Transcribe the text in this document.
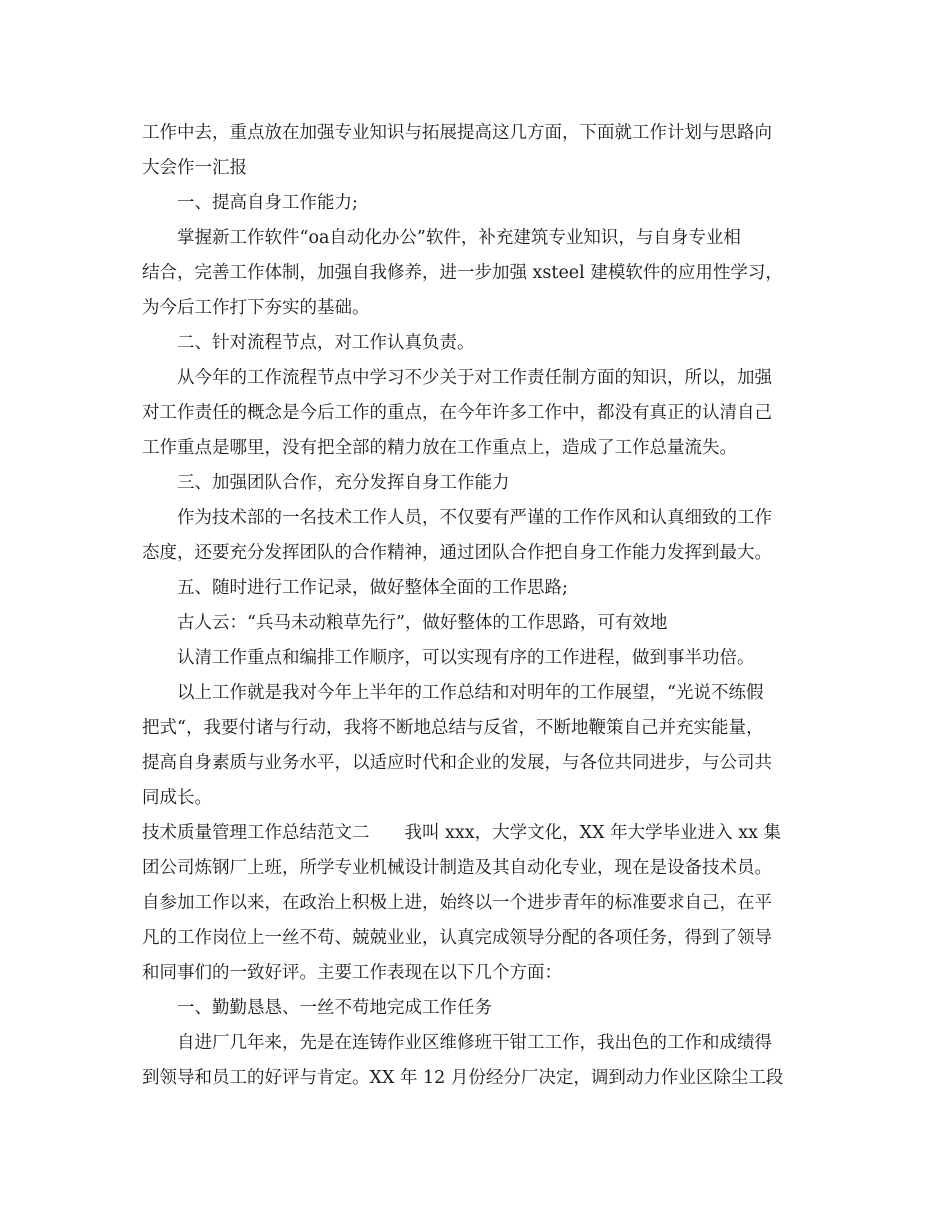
工作中去，重点放在加强专业知识与拓展提高这几方面，下面就工作计划与思路向
大会作一汇报
一、提高自身工作能力;
掌握新工作软件“oa自动化办公”软件，补充建筑专业知识，与自身专业相
结合，完善工作体制，加强自我修养，进一步加强 xsteel 建模软件的应用性学习，
为今后工作打下夯实的基础。
二、针对流程节点，对工作认真负责。
从今年的工作流程节点中学习不少关于对工作责任制方面的知识，所以，加强
对工作责任的概念是今后工作的重点，在今年许多工作中，都没有真正的认清自己
工作重点是哪里，没有把全部的精力放在工作重点上，造成了工作总量流失。
三、加强团队合作，充分发挥自身工作能力
作为技术部的一名技术工作人员，不仅要有严谨的工作作风和认真细致的工作
态度，还要充分发挥团队的合作精神，通过团队合作把自身工作能力发挥到最大。
五、随时进行工作记录，做好整体全面的工作思路;
古人云：“兵马未动粮草先行”，做好整体的工作思路，可有效地
认清工作重点和编排工作顺序，可以实现有序的工作进程，做到事半功倍。
以上工作就是我对今年上半年的工作总结和对明年的工作展望，“光说不练假
把式“，我要付诸与行动，我将不断地总结与反省，不断地鞭策自己并充实能量，
提高自身素质与业务水平，以适应时代和企业的发展，与各位共同进步，与公司共
同成长。
技术质量管理工作总结范文二　　我叫 xxx，大学文化，XX 年大学毕业进入 xx 集
团公司炼钢厂上班，所学专业机械设计制造及其自动化专业，现在是设备技术员。
自参加工作以来，在政治上积极上进，始终以一个进步青年的标准要求自己，在平
凡的工作岗位上一丝不苟、兢兢业业，认真完成领导分配的各项任务，得到了领导
和同事们的一致好评。主要工作表现在以下几个方面：
一、勤勤恳恳、一丝不苟地完成工作任务
自进厂几年来，先是在连铸作业区维修班干钳工工作，我出色的工作和成绩得
到领导和员工的好评与肯定。XX 年 12 月份经分厂决定，调到动力作业区除尘工段
